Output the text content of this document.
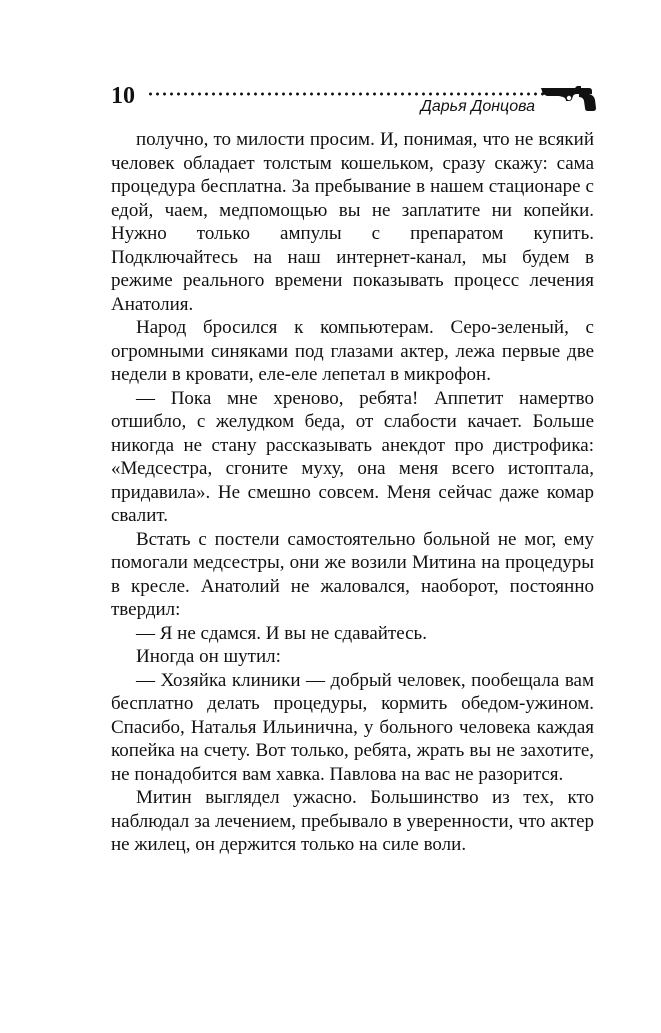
10	Дарья Донцова

получно, то милости просим. И, понимая, что не всякий человек обладает толстым кошельком, сразу скажу: сама процедура бесплатна. За пребывание в нашем стационаре с едой, чаем, медпомощью вы не заплатите ни копейки. Нужно только ампулы с препаратом купить. Подключайтесь на наш интернет-канал, мы будем в режиме реального времени показывать процесс лечения Анатолия.

Народ бросился к компьютерам. Серо-зеленый, с огромными синяками под глазами актер, лежа первые две недели в кровати, еле-еле лепетал в микрофон.

— Пока мне хреново, ребята! Аппетит намертво отшибло, с желудком беда, от слабости качает. Больше никогда не стану рассказывать анекдот про дистрофика: «Медсестра, сгоните муху, она меня всего истоптала, придавила». Не смешно совсем. Меня сейчас даже комар свалит.

Встать с постели самостоятельно больной не мог, ему помогали медсестры, они же возили Митина на процедуры в кресле. Анатолий не жаловался, наоборот, постоянно твердил:

— Я не сдамся. И вы не сдавайтесь.

Иногда он шутил:

— Хозяйка клиники — добрый человек, пообещала вам бесплатно делать процедуры, кормить обедом-ужином. Спасибо, Наталья Ильинична, у больного человека каждая копейка на счету. Вот только, ребята, жрать вы не захотите, не понадобится вам хавка. Павлова на вас не разорится.

Митин выглядел ужасно. Большинство из тех, кто наблюдал за лечением, пребывало в уверенности, что актер не жилец, он держится только на силе воли.
